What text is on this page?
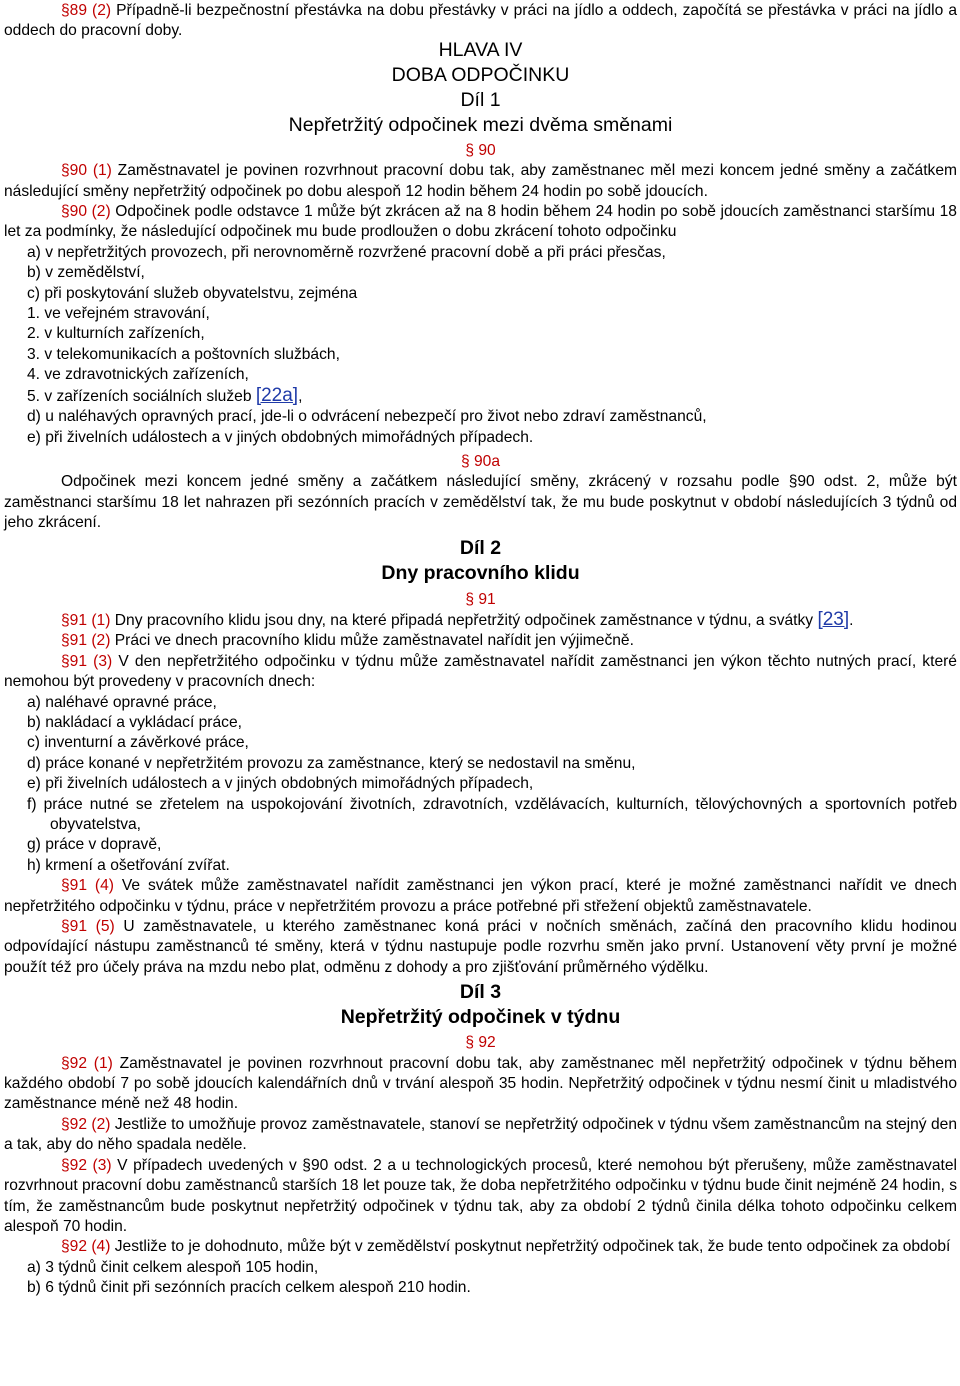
§89 (2) Případně-li bezpečnostní přestávka na dobu přestávky v práci na jídlo a oddech, započítá se přestávka v práci na jídlo a oddech do pracovní doby.

HLAVA IV
DOBA ODPOČINKU
Díl 1
Nepřetržitý odpočinek mezi dvěma směnami

§ 90

§90 (1) Zaměstnavatel je povinen rozvrhnout pracovní dobu tak, aby zaměstnanec měl mezi koncem jedné směny a začátkem následující směny nepřetržitý odpočinek po dobu alespoň 12 hodin během 24 hodin po sobě jdoucích.

§90 (2) Odpočinek podle odstavce 1 může být zkrácen až na 8 hodin během 24 hodin po sobě jdoucích zaměstnanci staršímu 18 let za podmínky, že následující odpočinek mu bude prodloužen o dobu zkrácení tohoto odpočinku

a) v nepřetržitých provozech, při nerovnoměrně rozvržené pracovní době a při práci přesčas,

b) v zemědělství,

c) při poskytování služeb obyvatelstvu, zejména

1. ve veřejném stravování,

2. v kulturních zařízeních,

3. v telekomunikacích a poštovních službách,

4. ve zdravotnických zařízeních,

5. v zařízeních sociálních služeb [22a],

d) u naléhavých opravných prací, jde-li o odvrácení nebezpečí pro život nebo zdraví zaměstnanců,

e) při živelních událostech a v jiných obdobných mimořádných případech.

§ 90a

Odpočinek mezi koncem jedné směny a začátkem následující směny, zkrácený v rozsahu podle §90 odst. 2, může být zaměstnanci staršímu 18 let nahrazen při sezónních pracích v zemědělství tak, že mu bude poskytnut v období následujících 3 týdnů od jeho zkrácení.

Díl 2
Dny pracovního klidu

§ 91

§91 (1) Dny pracovního klidu jsou dny, na které připadá nepřetržitý odpočinek zaměstnance v týdnu, a svátky [23].

§91 (2) Práci ve dnech pracovního klidu může zaměstnavatel nařídit jen výjimečně.

§91 (3) V den nepřetržitého odpočinku v týdnu může zaměstnavatel nařídit zaměstnanci jen výkon těchto nutných prací, které nemohou být provedeny v pracovních dnech:

a) naléhavé opravné práce,

b) nakládací a vykládací práce,

c) inventurní a závěrkové práce,

d) práce konané v nepřetržitém provozu za zaměstnance, který se nedostavil na směnu,

e) při živelních událostech a v jiných obdobných mimořádných případech,

f) práce nutné se zřetelem na uspokojování životních, zdravotních, vzdělávacích, kulturních, tělovýchovných a sportovních potřeb obyvatelstva,

g) práce v dopravě,

h) krmení a ošetřování zvířat.

§91 (4) Ve svátek může zaměstnavatel nařídit zaměstnanci jen výkon prací, které je možné zaměstnanci nařídit ve dnech nepřetržitého odpočinku v týdnu, práce v nepřetržitém provozu a práce potřebné při střežení objektů zaměstnavatele.

§91 (5) U zaměstnavatele, u kterého zaměstnanec koná práci v nočních směnách, začíná den pracovního klidu hodinou odpovídající nástupu zaměstnanců té směny, která v týdnu nastupuje podle rozvrhu směn jako první. Ustanovení věty první je možné použít též pro účely práva na mzdu nebo plat, odměnu z dohody a pro zjišťování průměrného výdělku.

Díl 3
Nepřetržitý odpočinek v týdnu

§ 92

§92 (1) Zaměstnavatel je povinen rozvrhnout pracovní dobu tak, aby zaměstnanec měl nepřetržitý odpočinek v týdnu během každého období 7 po sobě jdoucích kalendářních dnů v trvání alespoň 35 hodin. Nepřetržitý odpočinek v týdnu nesmí činit u mladistvého zaměstnance méně než 48 hodin.

§92 (2) Jestliže to umožňuje provoz zaměstnavatele, stanoví se nepřetržitý odpočinek v týdnu všem zaměstnancům na stejný den a tak, aby do něho spadala neděle.

§92 (3) V případech uvedených v §90 odst. 2 a u technologických procesů, které nemohou být přerušeny, může zaměstnavatel rozvrhnout pracovní dobu zaměstnanců starších 18 let pouze tak, že doba nepřetržitého odpočinku v týdnu bude činit nejméně 24 hodin, s tím, že zaměstnancům bude poskytnut nepřetržitý odpočinek v týdnu tak, aby za období 2 týdnů činila délka tohoto odpočinku celkem alespoň 70 hodin.

§92 (4) Jestliže to je dohodnuto, může být v zemědělství poskytnut nepřetržitý odpočinek tak, že bude tento odpočinek za období

a) 3 týdnů činit celkem alespoň 105 hodin,

b) 6 týdnů činit při sezónních pracích celkem alespoň 210 hodin.
